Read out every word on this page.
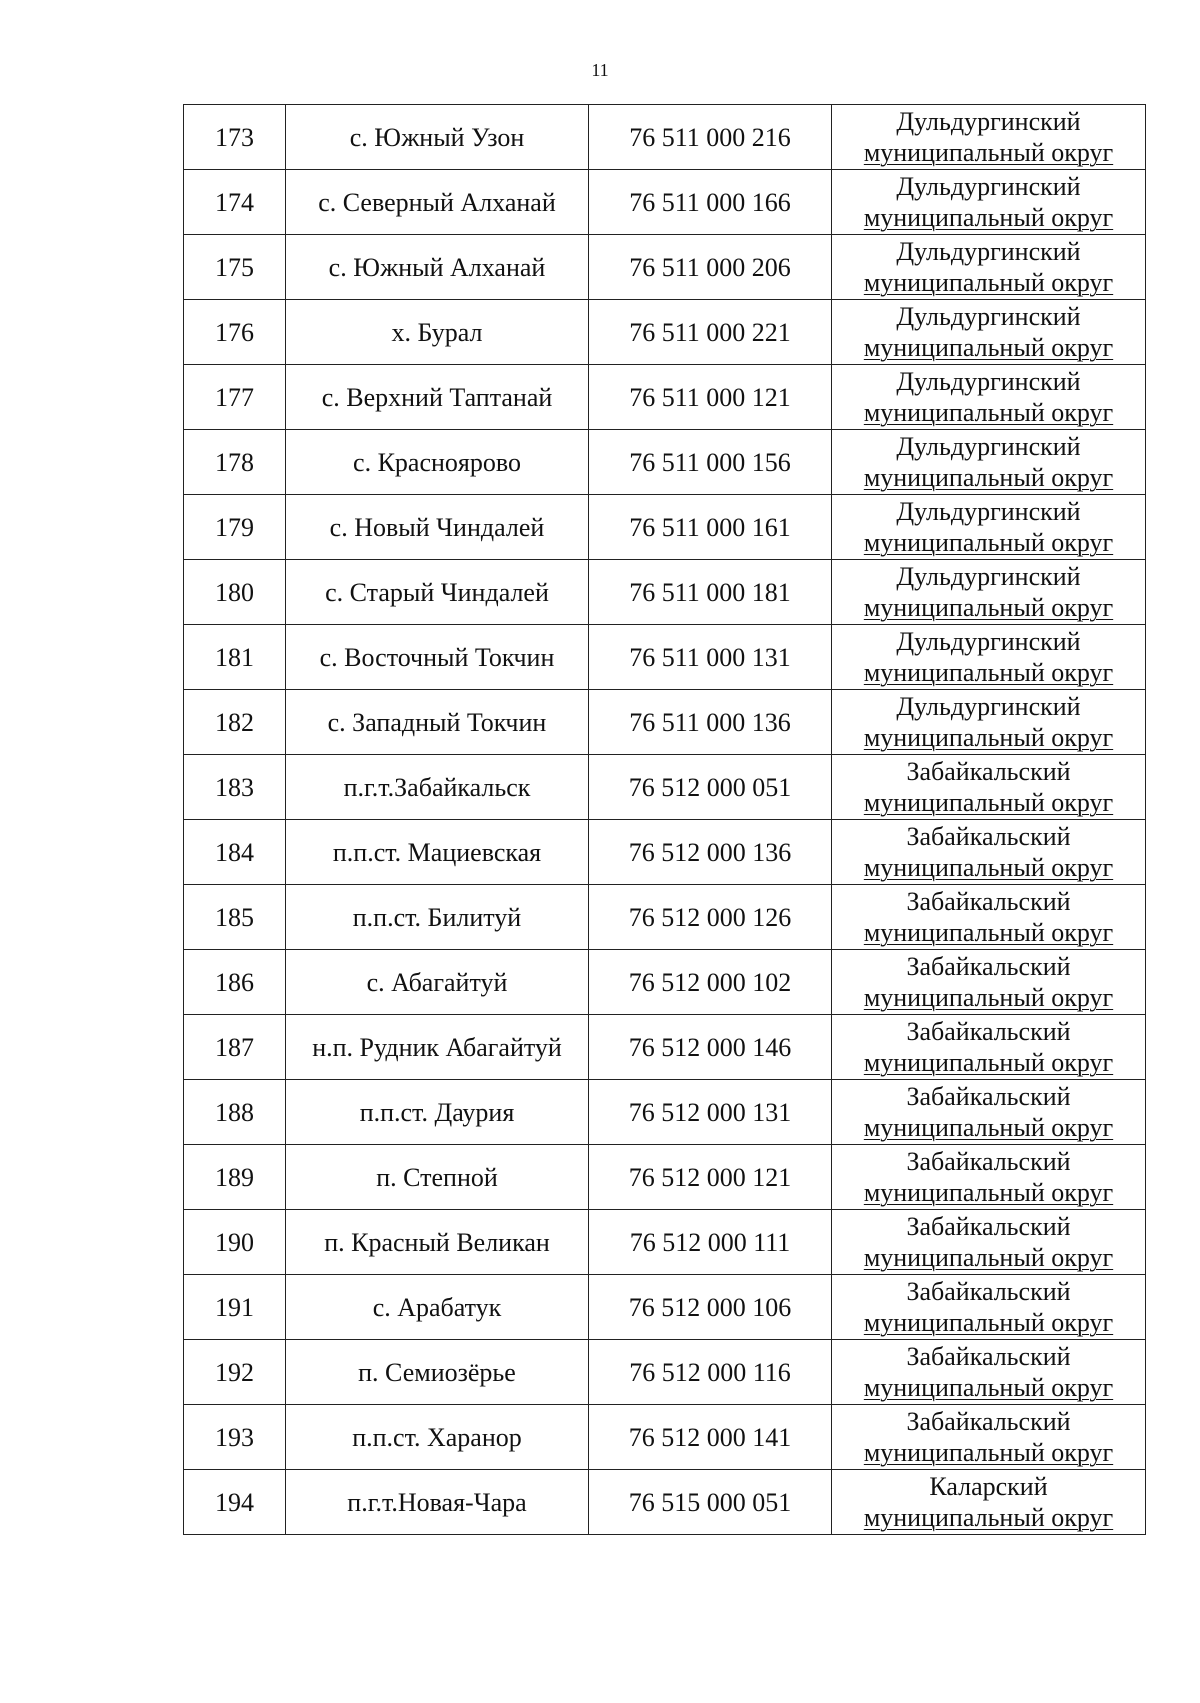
11
173	с. Южный Узон	76 511 000 216	Дульдургинский
муниципальный округ

174	с. Северный Алханай	76 511 000 166	Дульдургинский
муниципальный округ

175	с. Южный Алханай	76 511 000 206	Дульдургинский
муниципальный округ

176	х. Бурал	76 511 000 221	Дульдургинский
муниципальный округ

177	с. Верхний Таптанай	76 511 000 121	Дульдургинский
муниципальный округ

178	с. Краснoярово	76 511 000 156	Дульдургинский
муниципальный округ

179	с. Новый Чиндалей	76 511 000 161	Дульдургинский
муниципальный округ

180	с. Старый Чиндалей	76 511 000 181	Дульдургинский
муниципальный округ

181	с. Восточный Токчин	76 511 000 131	Дульдургинский
муниципальный округ

182	с. Западный Токчин	76 511 000 136	Дульдургинский
муниципальный округ

183	п.г.т.Забайкальск	76 512 000 051	Забайкальский
муниципальный округ

184	п.п.ст. Мациевская	76 512 000 136	Забайкальский
муниципальный округ

185	п.п.ст. Билитуй	76 512 000 126	Забайкальский
муниципальный округ

186	с. Абагайтуй	76 512 000 102	Забайкальский
муниципальный округ

187	н.п. Рудник Абагайтуй	76 512 000 146	Забайкальский
муниципальный округ

188	п.п.ст. Даурия	76 512 000 131	Забайкальский
муниципальный округ

189	п. Степной	76 512 000 121	Забайкальский
муниципальный округ

190	п. Красный Великан	76 512 000 111	Забайкальский
муниципальный округ

191	с. Арабатук	76 512 000 106	Забайкальский
муниципальный округ

192	п. Семиозёрье	76 512 000 116	Забайкальский
муниципальный округ

193	п.п.ст. Харанор	76 512 000 141	Забайкальский
муниципальный округ

194	п.г.т.Новая-Чара	76 515 000 051	Каларский
муниципальный округ
